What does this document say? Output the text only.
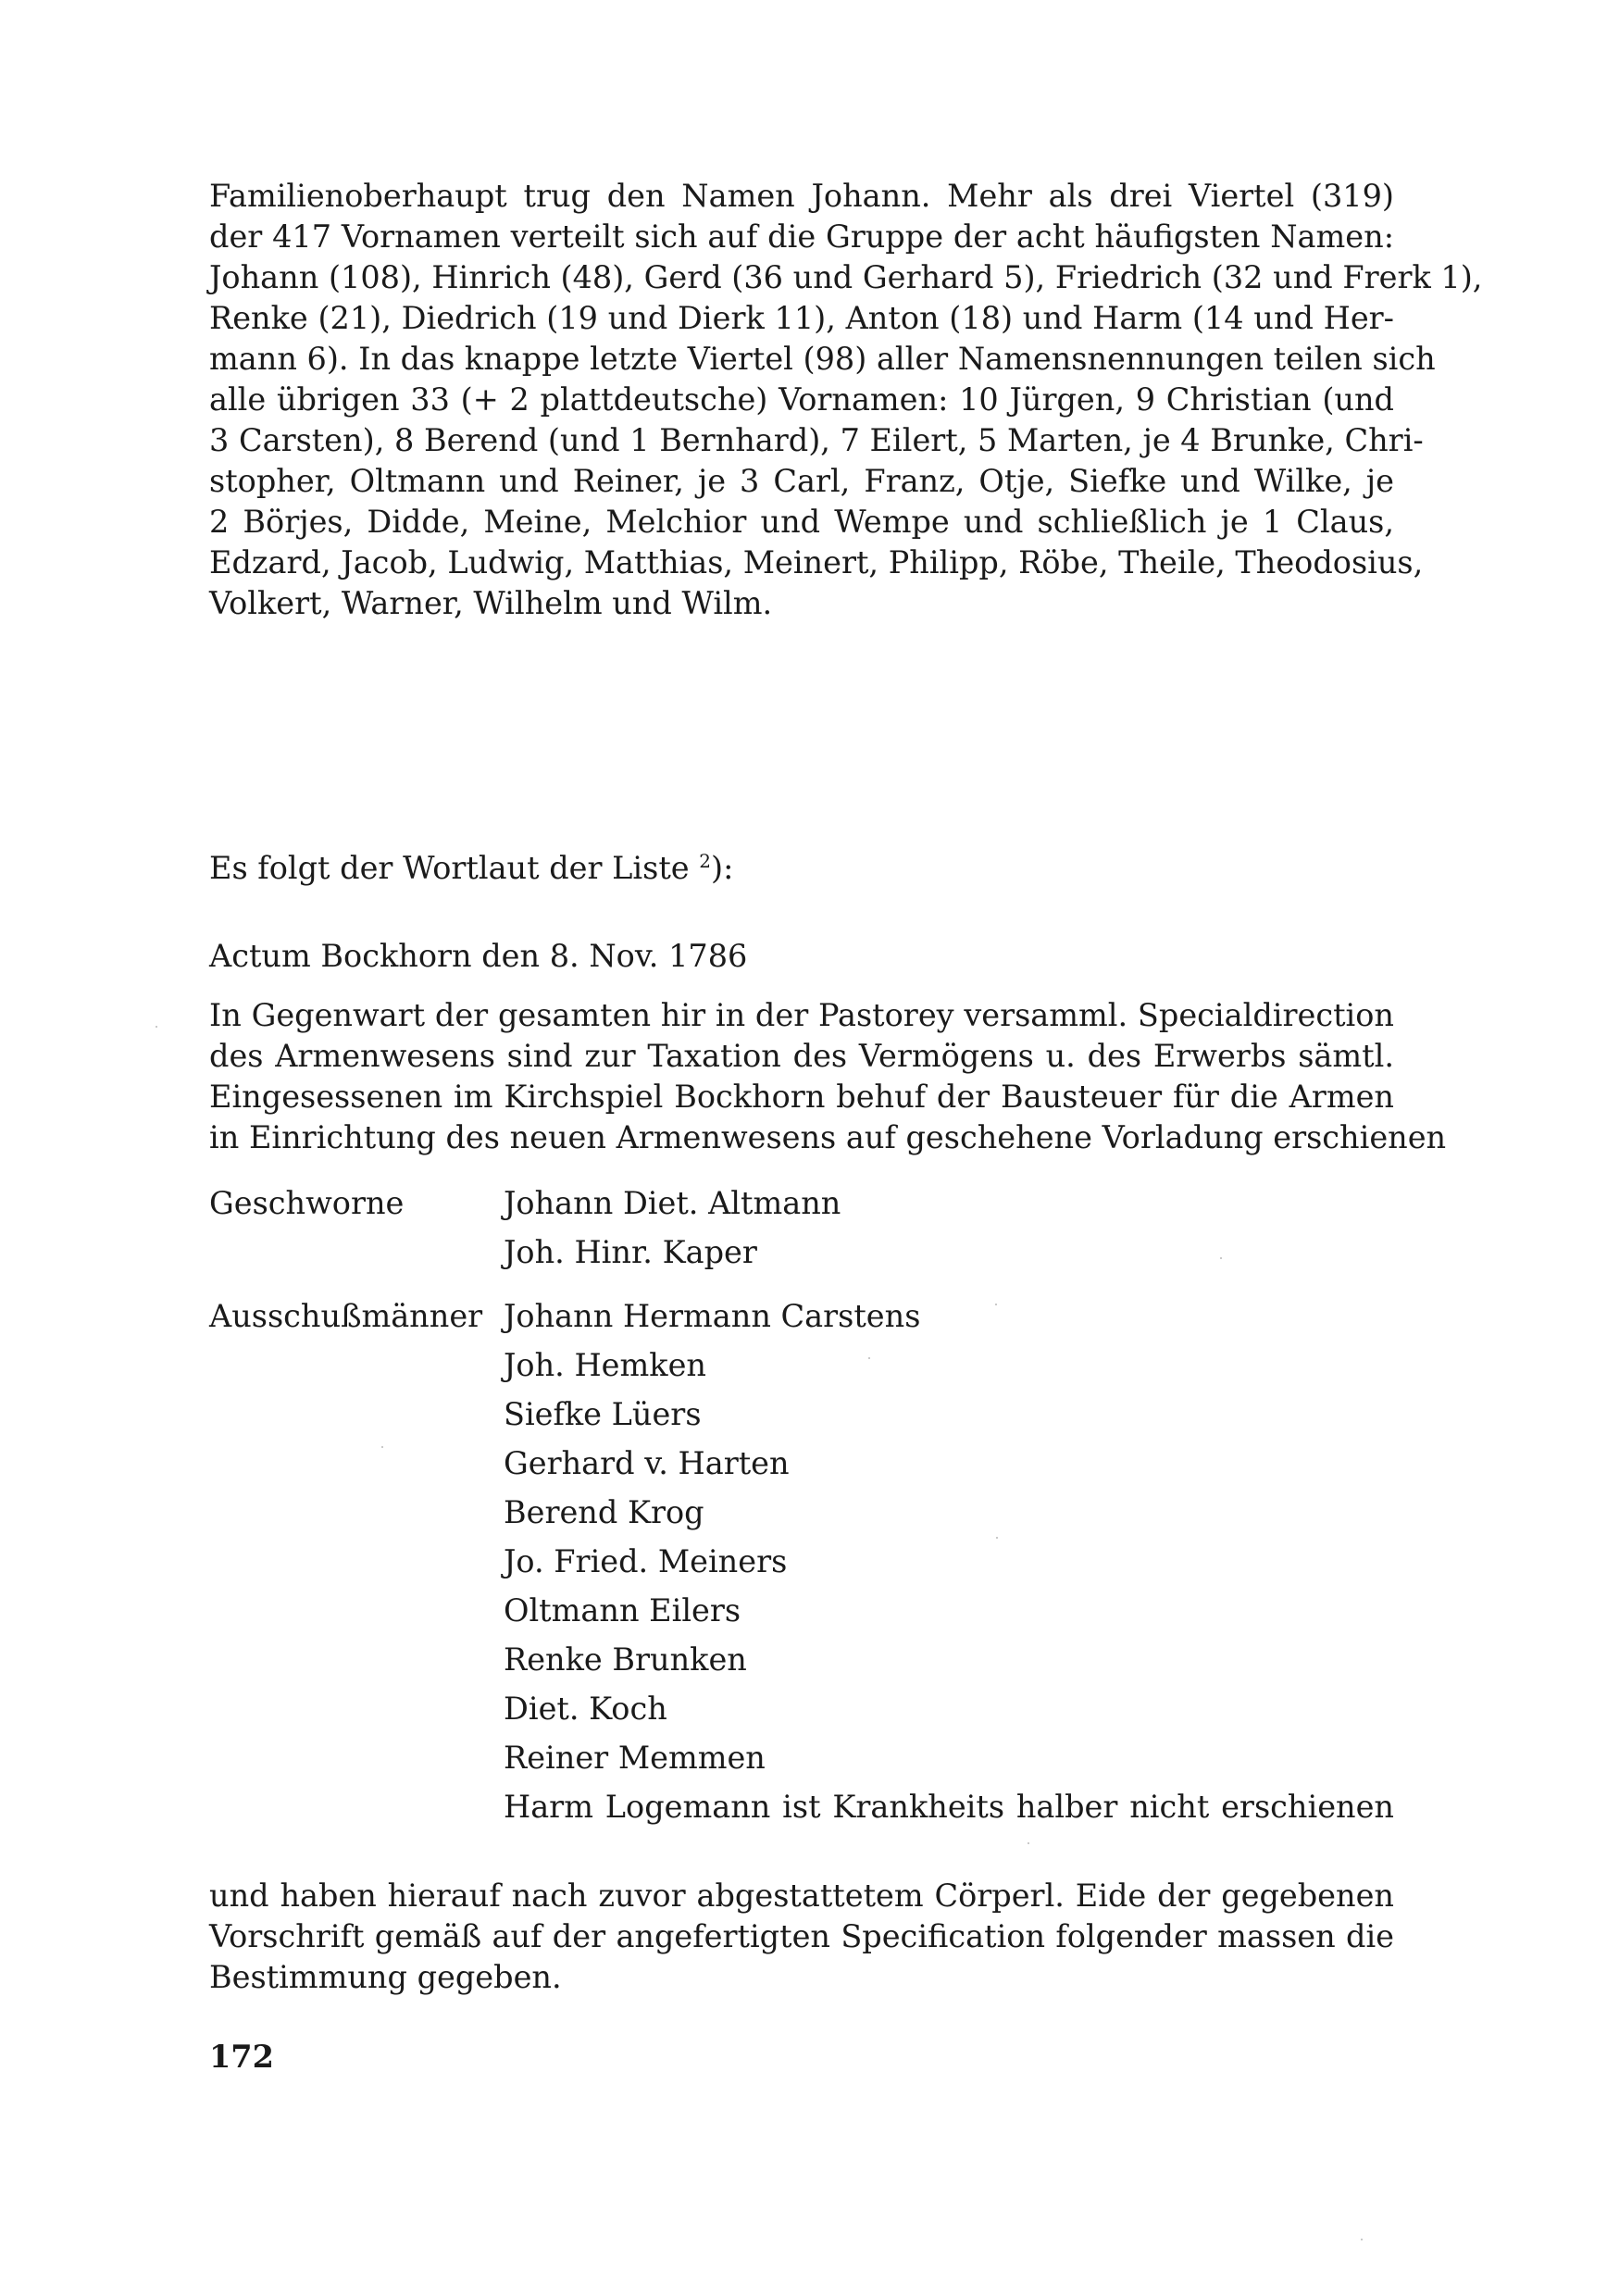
Familienoberhaupt trug den Namen Johann. Mehr als drei Viertel (319)
der 417 Vornamen verteilt sich auf die Gruppe der acht häufigsten Namen:
Johann (108), Hinrich (48), Gerd (36 und Gerhard 5), Friedrich (32 und Frerk 1),
Renke (21), Diedrich (19 und Dierk 11), Anton (18) und Harm (14 und Her-
mann 6). In das knappe letzte Viertel (98) aller Namensnennungen teilen sich
alle übrigen 33 (+ 2 plattdeutsche) Vornamen: 10 Jürgen, 9 Christian (und
3 Carsten), 8 Berend (und 1 Bernhard), 7 Eilert, 5 Marten, je 4 Brunke, Chri-
stopher, Oltmann und Reiner, je 3 Carl, Franz, Otje, Siefke und Wilke, je
2 Börjes, Didde, Meine, Melchior und Wempe und schließlich je 1 Claus,
Edzard, Jacob, Ludwig, Matthias, Meinert, Philipp, Röbe, Theile, Theodosius,
Volkert, Warner, Wilhelm und Wilm.
Es folgt der Wortlaut der Liste $^2$):
Actum Bockhorn den 8. Nov. 1786
In Gegenwart der gesamten hir in der Pastorey versamml. Specialdirection
des Armenwesens sind zur Taxation des Vermögens u. des Erwerbs sämtl.
Eingesessenen im Kirchspiel Bockhorn behuf der Bausteuer für die Armen
in Einrichtung des neuen Armenwesens auf geschehene Vorladung erschienen
Geschworne	Johann Diet. Altmann
Joh. Hinr. Kaper
Ausschußmänner Johann Hermann Carstens
Joh. Hemken
Siefke Lüers
Gerhard v. Harten
Berend Krog
Jo. Fried. Meiners
Oltmann Eilers
Renke Brunken
Diet. Koch
Reiner Memmen
Harm Logemann ist Krankheits halber nicht erschienen
und haben hierauf nach zuvor abgestattetem Cörperl. Eide der gegebenen
Vorschrift gemäß auf der angefertigten Specification folgender massen die
Bestimmung gegeben.
172
